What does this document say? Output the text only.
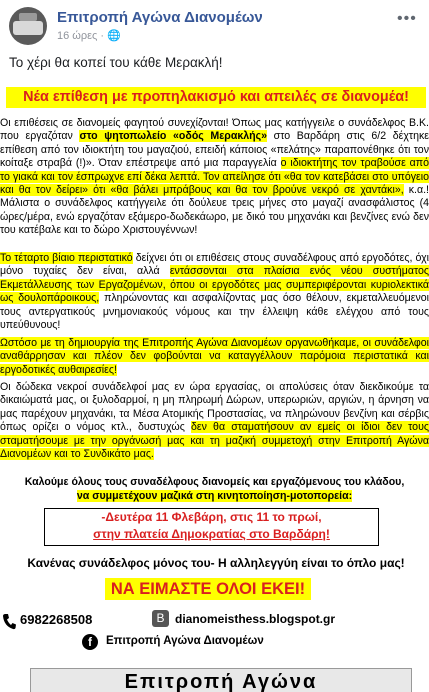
Επιτροπή Αγώνα Διανομέων
16 ώρες · 🌐
•••
Το χέρι θα κοπεί του κάθε Μερακλή!
Νέα επίθεση με προπηλακισμό και απειλές σε διανομέα!
Οι επιθέσεις σε διανομείς φαγητού συνεχίζονται! Όπως μας κατήγγειλε ο συνάδελφος Β.Κ. που εργαζόταν στο ψητοπωλείο «οδός Μερακλής» στο Βαρδάρη στις 6/2 δέχτηκε επίθεση από τον ιδιοκτήτη του μαγαζιού, επειδή κάποιος «πελάτης» παραπονέθηκε ότι τον κοίταξε στραβά (!)». Όταν επέστρεψε από μια παραγγελία ο ιδιοκτήτης τον τραβούσε από το γιακά και τον έσπρωχνε επί δέκα λεπτά. Τον απείλησε ότι «θα τον κατεβάσει στο υπόγειο και θα τον δείρει» ότι «θα βάλει μπράβους και θα τον βρούνε νεκρό σε χαντάκι», κ.α.! Μάλιστα ο συνάδελφος κατήγγειλε ότι δούλευε τρεις μήνες στο μαγαζί ανασφάλιστος (4 ώρες/μέρα, ενώ εργαζόταν εξάμερο-δωδεκάωρο, με δικό του μηχανάκι και βενζίνες ενώ δεν του κατέβαλε και το δώρο Χριστουγέννων!
Το τέταρτο βίαιο περιστατικό δείχνει ότι οι επιθέσεις στους συναδέλφους από εργοδότες, όχι μόνο τυχαίες δεν είναι, αλλά εντάσσονται στα πλαίσια ενός νέου συστήματος Εκμετάλλευσης των Εργαζομένων, όπου οι εργοδότες μας συμπεριφέρονται κυριολεκτικά ως δουλοπάροικους, πληρώνοντας και ασφαλίζοντας μας όσο θέλουν, εκμεταλλευόμενοι τους αντεργατικούς μνημονιακούς νόμους και την έλλειψη κάθε ελέγχου από τους υπεύθυνους!
Ωστόσο με τη δημιουργία της Επιτροπής Αγώνα Διανομέων οργανωθήκαμε, οι συνάδελφοι αναθάρρησαν και πλέον δεν φοβούνται να καταγγέλλουν παρόμοια περιστατικά και εργοδοτικές αυθαιρεσίες!
Οι δώδεκα νεκροί συνάδελφοί μας εν ώρα εργασίας, οι απολύσεις όταν διεκδικούμε τα δικαιώματά μας, οι ξυλοδαρμοί, η μη πληρωμή Δώρων, υπερωριών, αργιών, η άρνηση να μας παρέχουν μηχανάκι, τα Μέσα Ατομικής Προστασίας, να πληρώνουν βενζίνη και σέρβις όπως ορίζει ο νόμος κτλ., δυστυχώς δεν θα σταματήσουν αν εμείς οι ίδιοι δεν τους σταματήσουμε με την οργάνωσή μας και τη μαζική συμμετοχή στην Επιτροπή Αγώνα Διανομέων και το Συνδικάτο μας.
Καλούμε όλους τους συναδέλφους διανομείς και εργαζόμενους του κλάδου,
να συμμετέχουν μαζικά στη κινητοποίηση-μοτοπορεία:
-Δευτέρα 11 Φλεβάρη, στις 11 το πρωί,
στην πλατεία Δημοκρατίας στο Βαρδάρη!
Κανένας συνάδελφος μόνος του- Η αλληλεγγύη είναι το όπλο μας!
ΝΑ ΕΙΜΑΣΤΕ ΟΛΟΙ ΕΚΕΙ!
6982268508	B dianomeisthess.blogspot.gr
f	Επιτροπή Αγώνα Διανομέων
Επιτροπή Αγώνα
